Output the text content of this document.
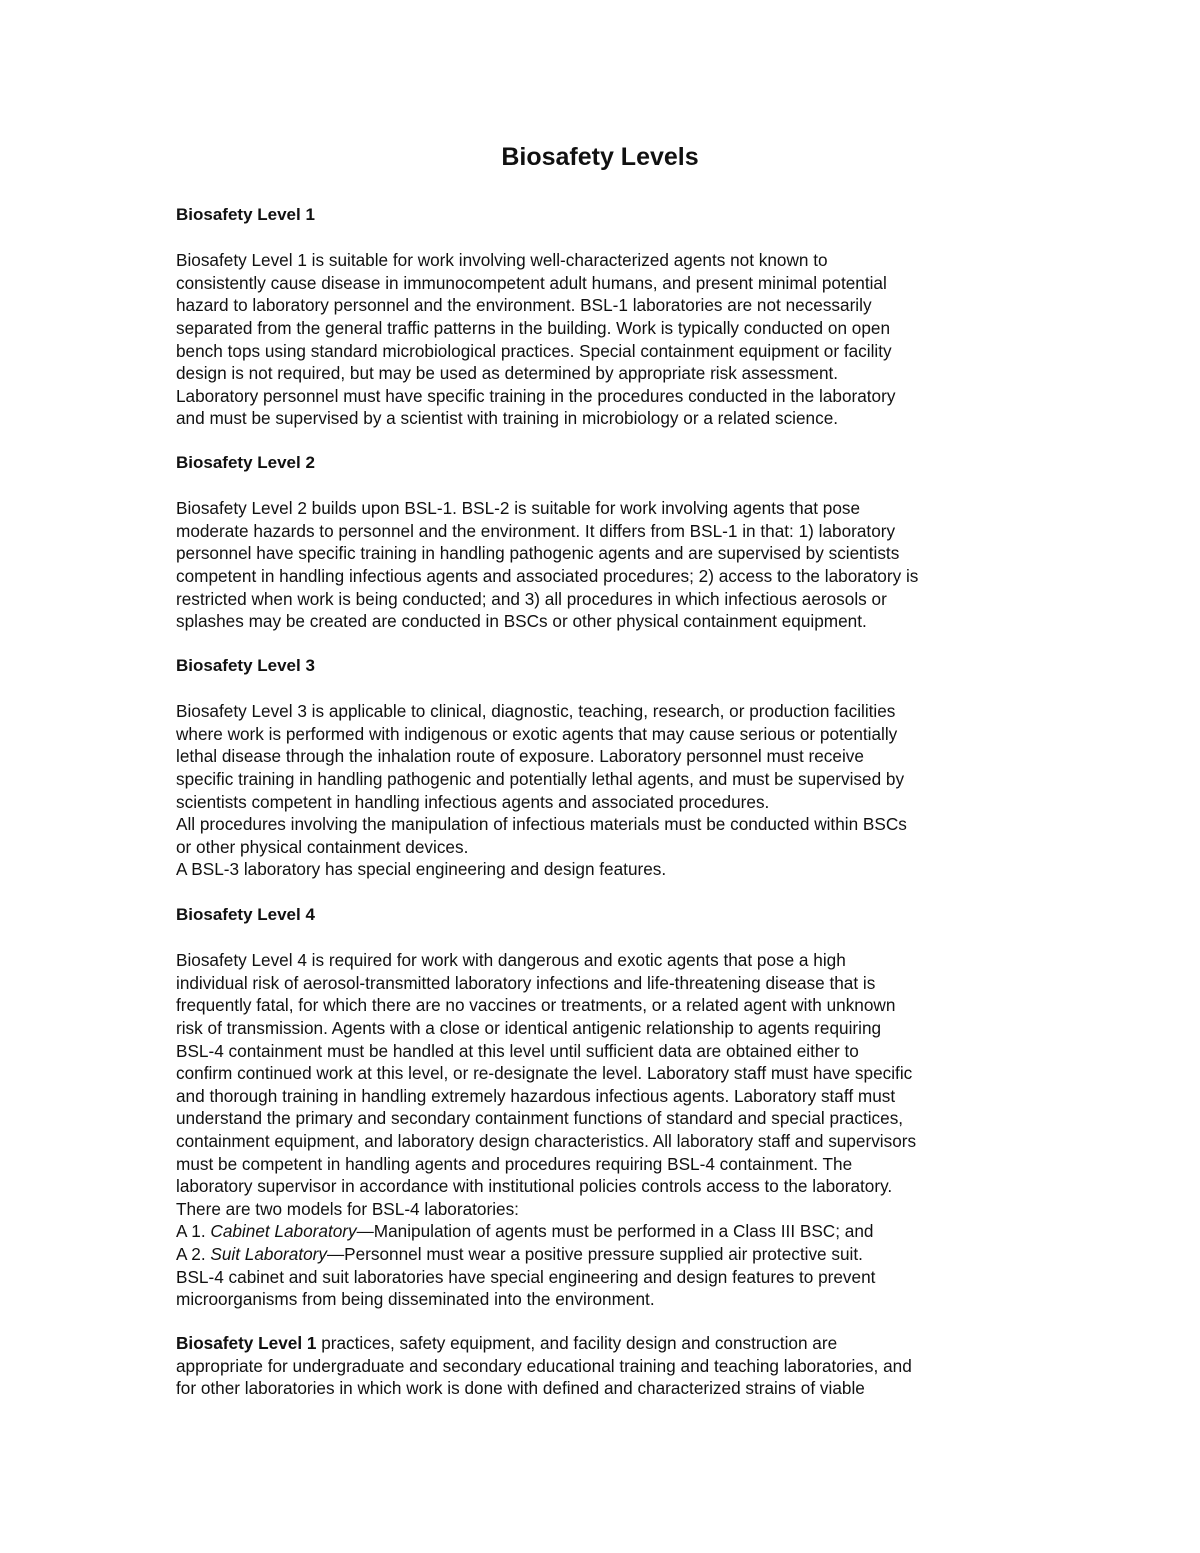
Biosafety Levels
Biosafety Level 1
Biosafety Level 1 is suitable for work involving well-characterized agents not known to
consistently cause disease in immunocompetent adult humans, and present minimal potential
hazard to laboratory personnel and the environment. BSL-1 laboratories are not necessarily
separated from the general traffic patterns in the building. Work is typically conducted on open
bench tops using standard microbiological practices. Special containment equipment or facility
design is not required, but may be used as determined by appropriate risk assessment.
Laboratory personnel must have specific training in the procedures conducted in the laboratory
and must be supervised by a scientist with training in microbiology or a related science.
Biosafety Level 2
Biosafety Level 2 builds upon BSL-1. BSL-2 is suitable for work involving agents that pose
moderate hazards to personnel and the environment. It differs from BSL-1 in that: 1) laboratory
personnel have specific training in handling pathogenic agents and are supervised by scientists
competent in handling infectious agents and associated procedures; 2) access to the laboratory is
restricted when work is being conducted; and 3) all procedures in which infectious aerosols or
splashes may be created are conducted in BSCs or other physical containment equipment.
Biosafety Level 3
Biosafety Level 3 is applicable to clinical, diagnostic, teaching, research, or production facilities
where work is performed with indigenous or exotic agents that may cause serious or potentially
lethal disease through the inhalation route of exposure. Laboratory personnel must receive
specific training in handling pathogenic and potentially lethal agents, and must be supervised by
scientists competent in handling infectious agents and associated procedures.
All procedures involving the manipulation of infectious materials must be conducted within BSCs
or other physical containment devices.
A BSL-3 laboratory has special engineering and design features.
Biosafety Level 4
Biosafety Level 4 is required for work with dangerous and exotic agents that pose a high
individual risk of aerosol-transmitted laboratory infections and life-threatening disease that is
frequently fatal, for which there are no vaccines or treatments, or a related agent with unknown
risk of transmission. Agents with a close or identical antigenic relationship to agents requiring
BSL-4 containment must be handled at this level until sufficient data are obtained either to
confirm continued work at this level, or re-designate the level. Laboratory staff must have specific
and thorough training in handling extremely hazardous infectious agents. Laboratory staff must
understand the primary and secondary containment functions of standard and special practices,
containment equipment, and laboratory design characteristics. All laboratory staff and supervisors
must be competent in handling agents and procedures requiring BSL-4 containment. The
laboratory supervisor in accordance with institutional policies controls access to the laboratory.
There are two models for BSL-4 laboratories:
A 1. Cabinet Laboratory—Manipulation of agents must be performed in a Class III BSC; and
A 2. Suit Laboratory—Personnel must wear a positive pressure supplied air protective suit.
BSL-4 cabinet and suit laboratories have special engineering and design features to prevent
microorganisms from being disseminated into the environment.
Biosafety Level 1 practices, safety equipment, and facility design and construction are
appropriate for undergraduate and secondary educational training and teaching laboratories, and
for other laboratories in which work is done with defined and characterized strains of viable
